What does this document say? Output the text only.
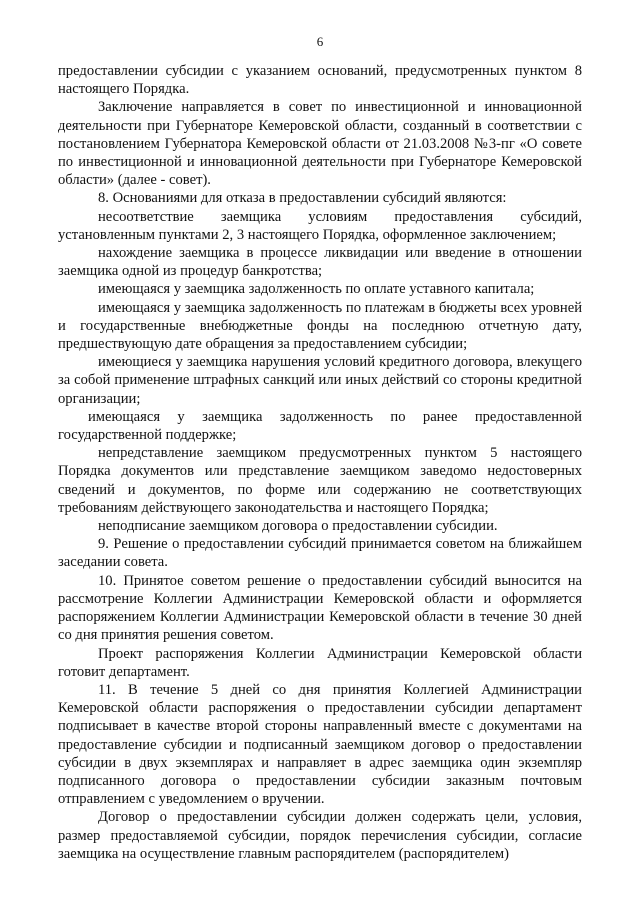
6

предоставлении субсидии с указанием оснований, предусмотренных пунктом 8 настоящего Порядка.

Заключение направляется в совет по инвестиционной и инновационной деятельности при Губернаторе Кемеровской области, созданный в соответствии с постановлением Губернатора Кемеровской области от 21.03.2008 №3-пг «О совете по инвестиционной и инновационной деятельности при Губернаторе Кемеровской области» (далее - совет).

8. Основаниями для отказа в предоставлении субсидий являются:

несоответствие заемщика условиям предоставления субсидий, установленным пунктами 2, 3 настоящего Порядка, оформленное заключением;

нахождение заемщика в процессе ликвидации или введение в отношении заемщика одной из процедур банкротства;

имеющаяся у заемщика задолженность по оплате уставного капитала;

имеющаяся у заемщика задолженность по платежам в бюджеты всех уровней и государственные внебюджетные фонды на последнюю отчетную дату, предшествующую дате обращения за предоставлением субсидии;

имеющиеся у заемщика нарушения условий кредитного договора, влекущего за собой применение штрафных санкций или иных действий со стороны кредитной организации;

имеющаяся у заемщика задолженность по ранее предоставленной государственной поддержке;

непредставление заемщиком предусмотренных пунктом 5 настоящего Порядка документов или представление заемщиком заведомо недостоверных сведений и документов, по форме или содержанию не соответствующих требованиям действующего законодательства и настоящего Порядка;

неподписание заемщиком договора о предоставлении субсидии.

9. Решение о предоставлении субсидий принимается советом на ближайшем заседании совета.

10. Принятое советом решение о предоставлении субсидий выносится на рассмотрение Коллегии Администрации Кемеровской области и оформляется распоряжением Коллегии Администрации Кемеровской области в течение 30 дней со дня принятия решения советом.

Проект распоряжения Коллегии Администрации Кемеровской области готовит департамент.

11. В течение 5 дней со дня принятия Коллегией Администрации Кемеровской области распоряжения о предоставлении субсидии департамент подписывает в качестве второй стороны направленный вместе с документами на предоставление субсидии и подписанный заемщиком договор о предоставлении субсидии в двух экземплярах и направляет в адрес заемщика один экземпляр подписанного договора о предоставлении субсидии заказным почтовым отправлением с уведомлением о вручении.

Договор о предоставлении субсидии должен содержать цели, условия, размер предоставляемой субсидии, порядок перечисления субсидии, согласие заемщика на осуществление главным распорядителем (распорядителем)
